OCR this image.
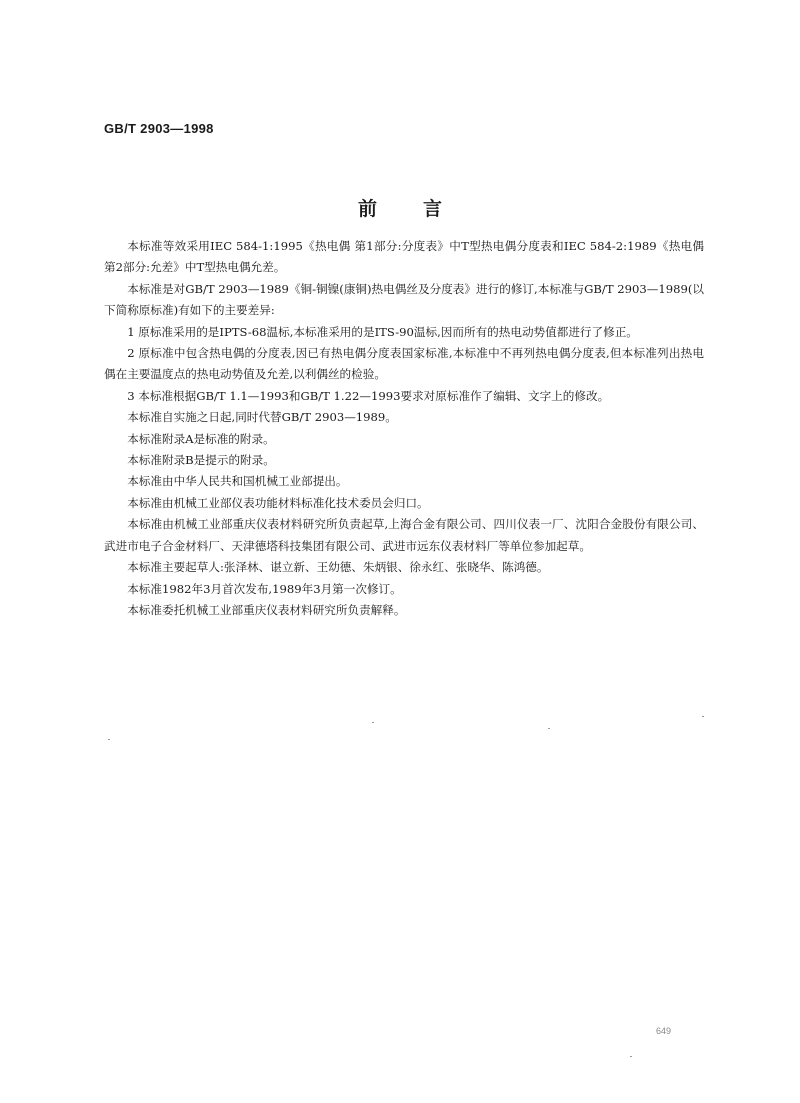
GB/T 2903—1998
前言

本标准等效采用IEC 584-1:1995《热电偶 第1部分:分度表》中T型热电偶分度表和IEC 584-2:1989《热电偶 第2部分:允差》中T型热电偶允差。

本标准是对GB/T 2903—1989《铜-铜镍(康铜)热电偶丝及分度表》进行的修订,本标准与GB/T 2903—1989(以下简称原标准)有如下的主要差异:

1 原标准采用的是IPTS-68温标,本标准采用的是ITS-90温标,因而所有的热电动势值都进行了修正。

2 原标准中包含热电偶的分度表,因已有热电偶分度表国家标准,本标准中不再列热电偶分度表,但本标准列出热电偶在主要温度点的热电动势值及允差,以利偶丝的检验。

3 本标准根据GB/T 1.1—1993和GB/T 1.22—1993要求对原标准作了编辑、文字上的修改。

本标准自实施之日起,同时代替GB/T 2903—1989。

本标准附录A是标准的附录。

本标准附录B是提示的附录。

本标准由中华人民共和国机械工业部提出。

本标准由机械工业部仪表功能材料标准化技术委员会归口。

本标准由机械工业部重庆仪表材料研究所负责起草,上海合金有限公司、四川仪表一厂、沈阳合金股份有限公司、武进市电子合金材料厂、天津德塔科技集团有限公司、武进市远东仪表材料厂等单位参加起草。

本标准主要起草人:张泽林、谌立新、王幼德、朱炳银、徐永红、张晓华、陈鸿德。

本标准1982年3月首次发布,1989年3月第一次修订。

本标准委托机械工业部重庆仪表材料研究所负责解释。

649
